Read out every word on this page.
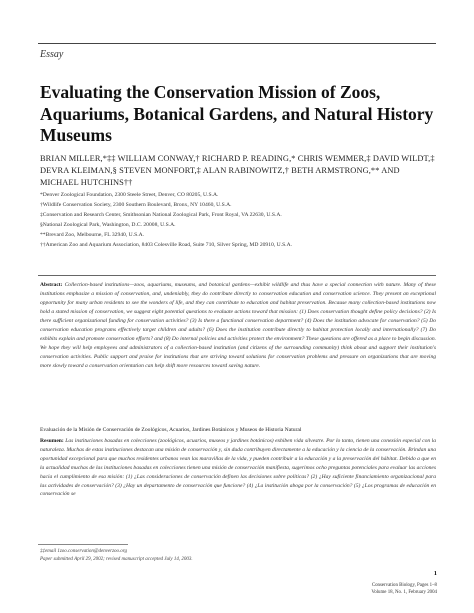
Essay
Evaluating the Conservation Mission of Zoos, Aquariums, Botanical Gardens, and Natural History Museums
BRIAN MILLER,*‡‡ WILLIAM CONWAY,† RICHARD P. READING,* CHRIS WEMMER,‡ DAVID WILDT,‡ DEVRA KLEIMAN,§ STEVEN MONFORT,‡ ALAN RABINOWITZ,† BETH ARMSTRONG,** AND MICHAEL HUTCHINS††
*Denver Zoological Foundation, 2300 Steele Street, Denver, CO 80205, U.S.A.
†Wildlife Conservation Society, 2300 Southern Boulevard, Bronx, NY 10460, U.S.A.
‡Conservation and Research Center, Smithsonian National Zoological Park, Front Royal, VA 22630, U.S.A.
§National Zoological Park, Washington, D.C. 20008, U.S.A.
**Brevard Zoo, Melbourne, FL 32940, U.S.A.
††American Zoo and Aquarium Association, 8403 Colesville Road, Suite 710, Silver Spring, MD 20910, U.S.A.
Abstract: Collection-based institutions—zoos, aquariums, museums, and botanical gardens—exhibit wildlife and thus have a special connection with nature. Many of these institutions emphasize a mission of conservation, and, undeniably, they do contribute directly to conservation education and conservation science. They present an exceptional opportunity for many urban residents to see the wonders of life, and they can contribute to education and habitat preservation. Because many collection-based institutions now hold a stated mission of conservation, we suggest eight potential questions to evaluate actions toward that mission: (1) Does conservation thought define policy decisions? (2) Is there sufficient organizational funding for conservation activities? (3) Is there a functional conservation department? (4) Does the institution advocate for conservation? (5) Do conservation education programs effectively target children and adults? (6) Does the institution contribute directly to habitat protection locally and internationally? (7) Do exhibits explain and promote conservation efforts? and (8) Do internal policies and activities protect the environment? These questions are offered as a place to begin discussion. We hope they will help employees and administrators of a collection-based institution (and citizens of the surrounding community) think about and support their institution's conservation activities. Public support and praise for institutions that are striving toward solutions for conservation problems and pressure on organizations that are moving more slowly toward a conservation orientation can help shift more resources toward saving nature.
Evaluación de la Misión de Conservación de Zoológicos, Acuarios, Jardines Botánicos y Museos de Historia Natural
Resumen: Las instituciones basadas en colecciones (zoológicos, acuarios, museos y jardines botánicos) exhiben vida silvestre. Por lo tanto, tienen una conexión especial con la naturaleza. Muchas de estas instituciones destacan una misión de conservación y, sin duda contribuyen directamente a la educación y la ciencia de la conservación. Brindan una oportunidad excepcional para que muchos residentes urbanos vean las maravillas de la vida, y pueden contribuir a la educación y a la preservación del hábitat. Debido a que en la actualidad muchas de las instituciones basadas en colecciones tienen una misión de conservación manifiesta, sugerimos ocho preguntas potenciales para evaluar las acciones hacia el cumplimiento de esa misión: (1) ¿Las consideraciones de conservación definen las decisiones sobre políticas? (2) ¿Hay suficiente financiamiento organizacional para las actividades de conservación? (3) ¿Hay un departamento de conservación que funcione? (4) ¿La institución aboga por la conservación? (5) ¿Los programas de educación en conservación se
‡‡email 1zoo.conservation@denverzoo.org
Paper submitted April 29, 2002; revised manuscript accepted July 14, 2003.
1
Conservation Biology, Pages 1–8
Volume 18, No. 1, February 2004
